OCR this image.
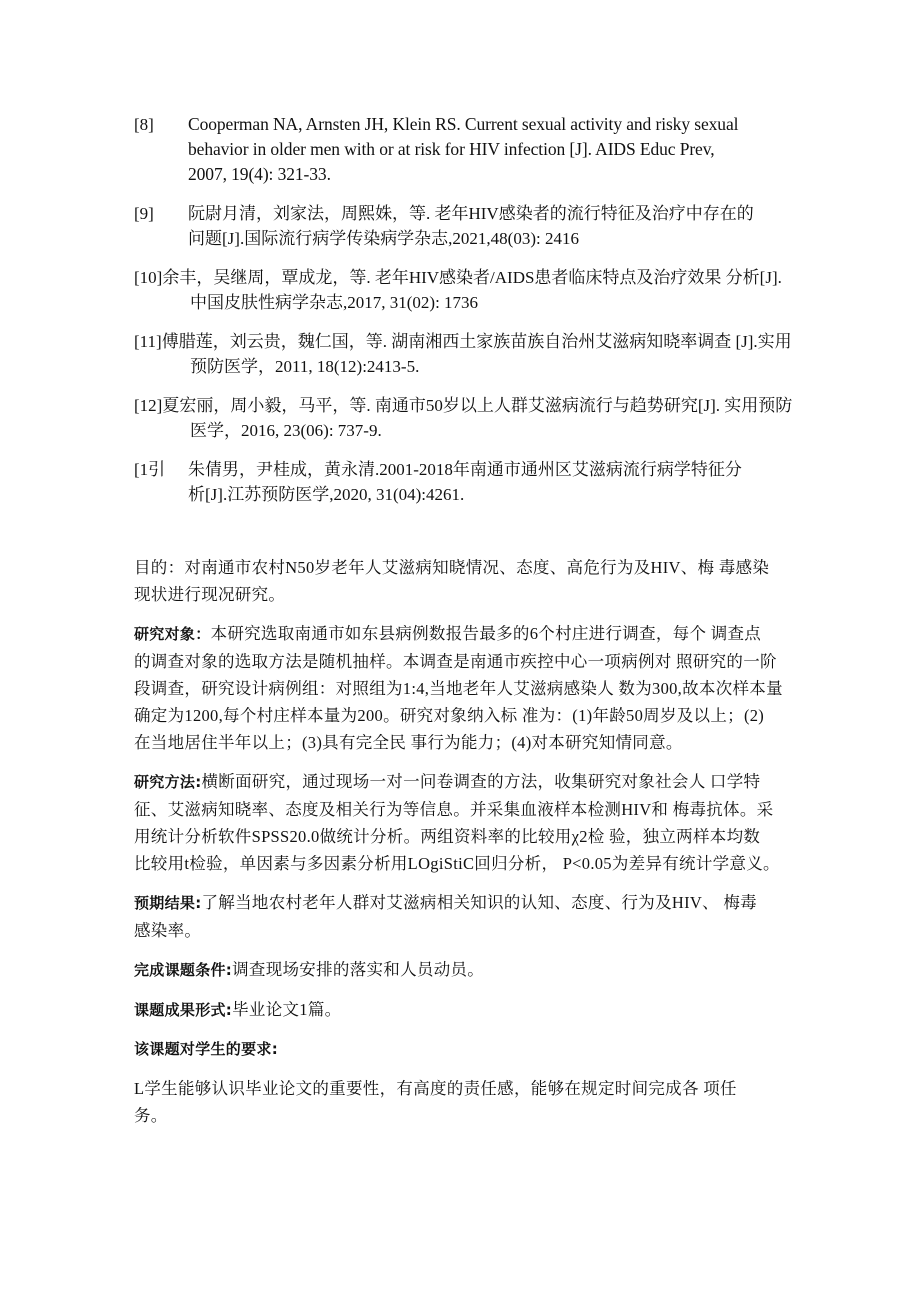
[8] Cooperman NA, Arnsten JH, Klein RS. Current sexual activity and risky sexual
behavior in older men with or at risk for HIV infection [J]. AIDS Educ Prev,
2007, 19(4): 321-33.
[9] 阮尉月清，刘家法，周熙姝，等. 老年HIV感染者的流行特征及治疗中存在的
问题[J].国际流行病学传染病学杂志,2021,48(03): 2416
[10]余丰，吴继周，覃成龙，等. 老年HIV感染者/AIDS患者临床特点及治疗效果 分析[J].
中国皮肤性病学杂志,2017, 31(02): 1736
[11]傅腊莲，刘云贵，魏仁国，等. 湖南湘西土家族苗族自治州艾滋病知晓率调查 [J].实用
预防医学，2011, 18(12):2413-5.
[12]夏宏丽，周小毅，马平，等. 南通市50岁以上人群艾滋病流行与趋势研究[J]. 实用预防
医学，2016, 23(06): 737-9.
[1引 朱倩男，尹桂成，黄永清.2001-2018年南通市通州区艾滋病流行病学特征分
析[J].江苏预防医学,2020, 31(04):4261.

目的：对南通市农村N50岁老年人艾滋病知晓情况、态度、高危行为及HIV、梅 毒感染
现状进行现况研究。

研究对象：本研究选取南通市如东县病例数报告最多的6个村庄进行调查，每个 调查点
的调查对象的选取方法是随机抽样。本调查是南通市疾控中心一项病例对 照研究的一阶
段调查，研究设计病例组：对照组为1:4,当地老年人艾滋病感染人 数为300,故本次样本量
确定为1200,每个村庄样本量为200。研究对象纳入标 准为：(1)年龄50周岁及以上；(2)
在当地居住半年以上；(3)具有完全民 事行为能力；(4)对本研究知情同意。

研究方法:横断面研究，通过现场一对一问卷调查的方法，收集研究对象社会人 口学特
征、艾滋病知晓率、态度及相关行为等信息。并采集血液样本检测HIV和 梅毒抗体。采
用统计分析软件SPSS20.0做统计分析。两组资料率的比较用χ2检 验，独立两样本均数
比较用t检验，单因素与多因素分析用LOgiStiC回归分析， P<0.05为差异有统计学意义。

预期结果:了解当地农村老年人群对艾滋病相关知识的认知、态度、行为及HIV、 梅毒
感染率。

完成课题条件:调查现场安排的落实和人员动员。

课题成果形式:毕业论文1篇。

该课题对学生的要求:

L学生能够认识毕业论文的重要性，有高度的责任感，能够在规定时间完成各 项任
务。
